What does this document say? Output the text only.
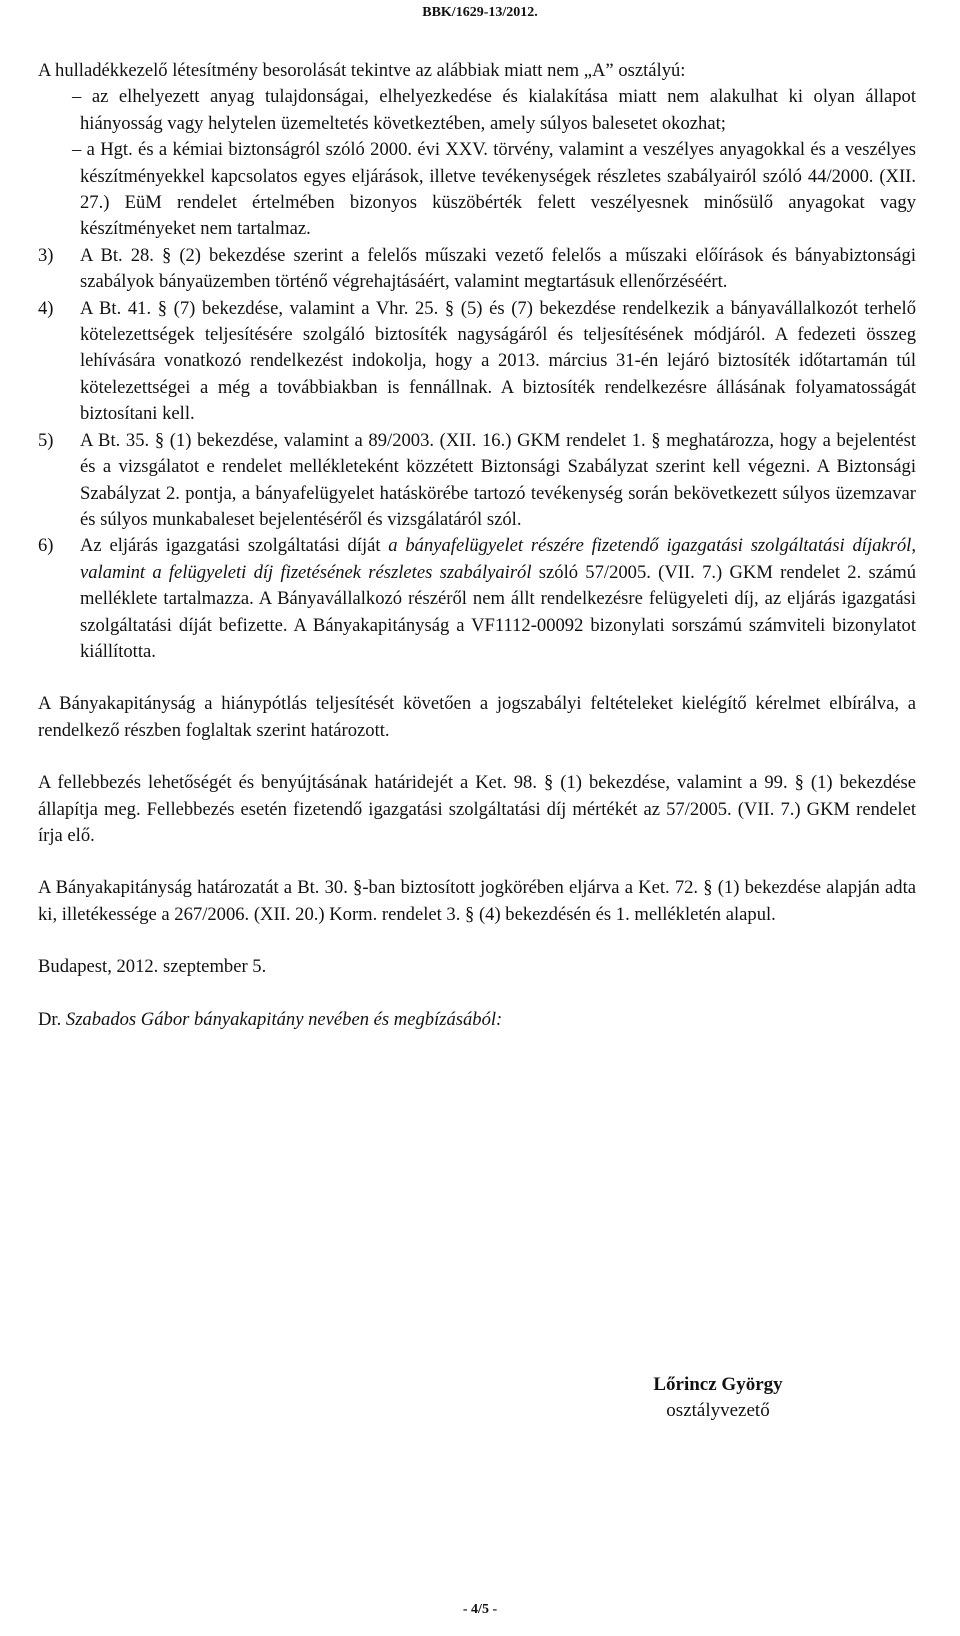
BBK/1629-13/2012.

A hulladékkezelő létesítmény besorolását tekintve az alábbiak miatt nem „A” osztályú:

– az elhelyezett anyag tulajdonságai, elhelyezkedése és kialakítása miatt nem alakulhat ki olyan állapot hiányosság vagy helytelen üzemeltetés következtében, amely súlyos balesetet okozhat;

– a Hgt. és a kémiai biztonságról szóló 2000. évi XXV. törvény, valamint a veszélyes anyagokkal és a veszélyes készítményekkel kapcsolatos egyes eljárások, illetve tevékenységek részletes szabályairól szóló 44/2000. (XII. 27.) EüM rendelet értelmében bizonyos küszöbérték felett veszélyesnek minősülő anyagokat vagy készítményeket nem tartalmaz.

3) A Bt. 28. § (2) bekezdése szerint a felelős műszaki vezető felelős a műszaki előírások és bányabiztonsági szabályok bányaüzemben történő végrehajtásáért, valamint megtartásuk ellenőrzéséért.
4) A Bt. 41. § (7) bekezdése, valamint a Vhr. 25. § (5) és (7) bekezdése rendelkezik a bányavállalkozót terhelő kötelezettségek teljesítésére szolgáló biztosíték nagyságáról és teljesítésének módjáról. A fedezeti összeg lehívására vonatkozó rendelkezést indokolja, hogy a 2013. március 31-én lejáró biztosíték időtartamán túl kötelezettségei a még a továbbiakban is fennállnak. A biztosíték rendelkezésre állásának folyamatosságát biztosítani kell.
5) A Bt. 35. § (1) bekezdése, valamint a 89/2003. (XII. 16.) GKM rendelet 1. § meghatározza, hogy a bejelentést és a vizsgálatot e rendelet mellékleteként közzétett Biztonsági Szabályzat szerint kell végezni. A Biztonsági Szabályzat 2. pontja, a bányafelügyelet hatáskörébe tartozó tevékenység során bekövetkezett súlyos üzemzavar és súlyos munkabaleset bejelentéséről és vizsgálatáról szól.
6) Az eljárás igazgatási szolgáltatási díját a bányafelügyelet részére fizetendő igazgatási szolgáltatási díjakról, valamint a felügyeleti díj fizetésének részletes szabályairól szóló 57/2005. (VII. 7.) GKM rendelet 2. számú melléklete tartalmazza. A Bányavállalkozó részéről nem állt rendelkezésre felügyeleti díj, az eljárás igazgatási szolgáltatási díját befizette. A Bányakapitányság a VF1112-00092 bizonylati sorszámú számviteli bizonylatot kiállította.

A Bányakapitányság a hiánypótlás teljesítését követően a jogszabályi feltételeket kielégítő kérelmet elbírálva, a rendelkező részben foglaltak szerint határozott.

A fellebbezés lehetőségét és benyújtásának határidejét a Ket. 98. § (1) bekezdése, valamint a 99. § (1) bekezdése állapítja meg. Fellebbezés esetén fizetendő igazgatási szolgáltatási díj mértékét az 57/2005. (VII. 7.) GKM rendelet írja elő.

A Bányakapitányság határozatát a Bt. 30. §-ban biztosított jogkörében eljárva a Ket. 72. § (1) bekezdése alapján adta ki, illetékessége a 267/2006. (XII. 20.) Korm. rendelet 3. § (4) bekezdésén és 1. mellékletén alapul.

Budapest, 2012. szeptember 5.

Dr. Szabados Gábor bányakapitány nevében és megbízásából:

Lőrincz György
osztályvezető
- 4/5 -
